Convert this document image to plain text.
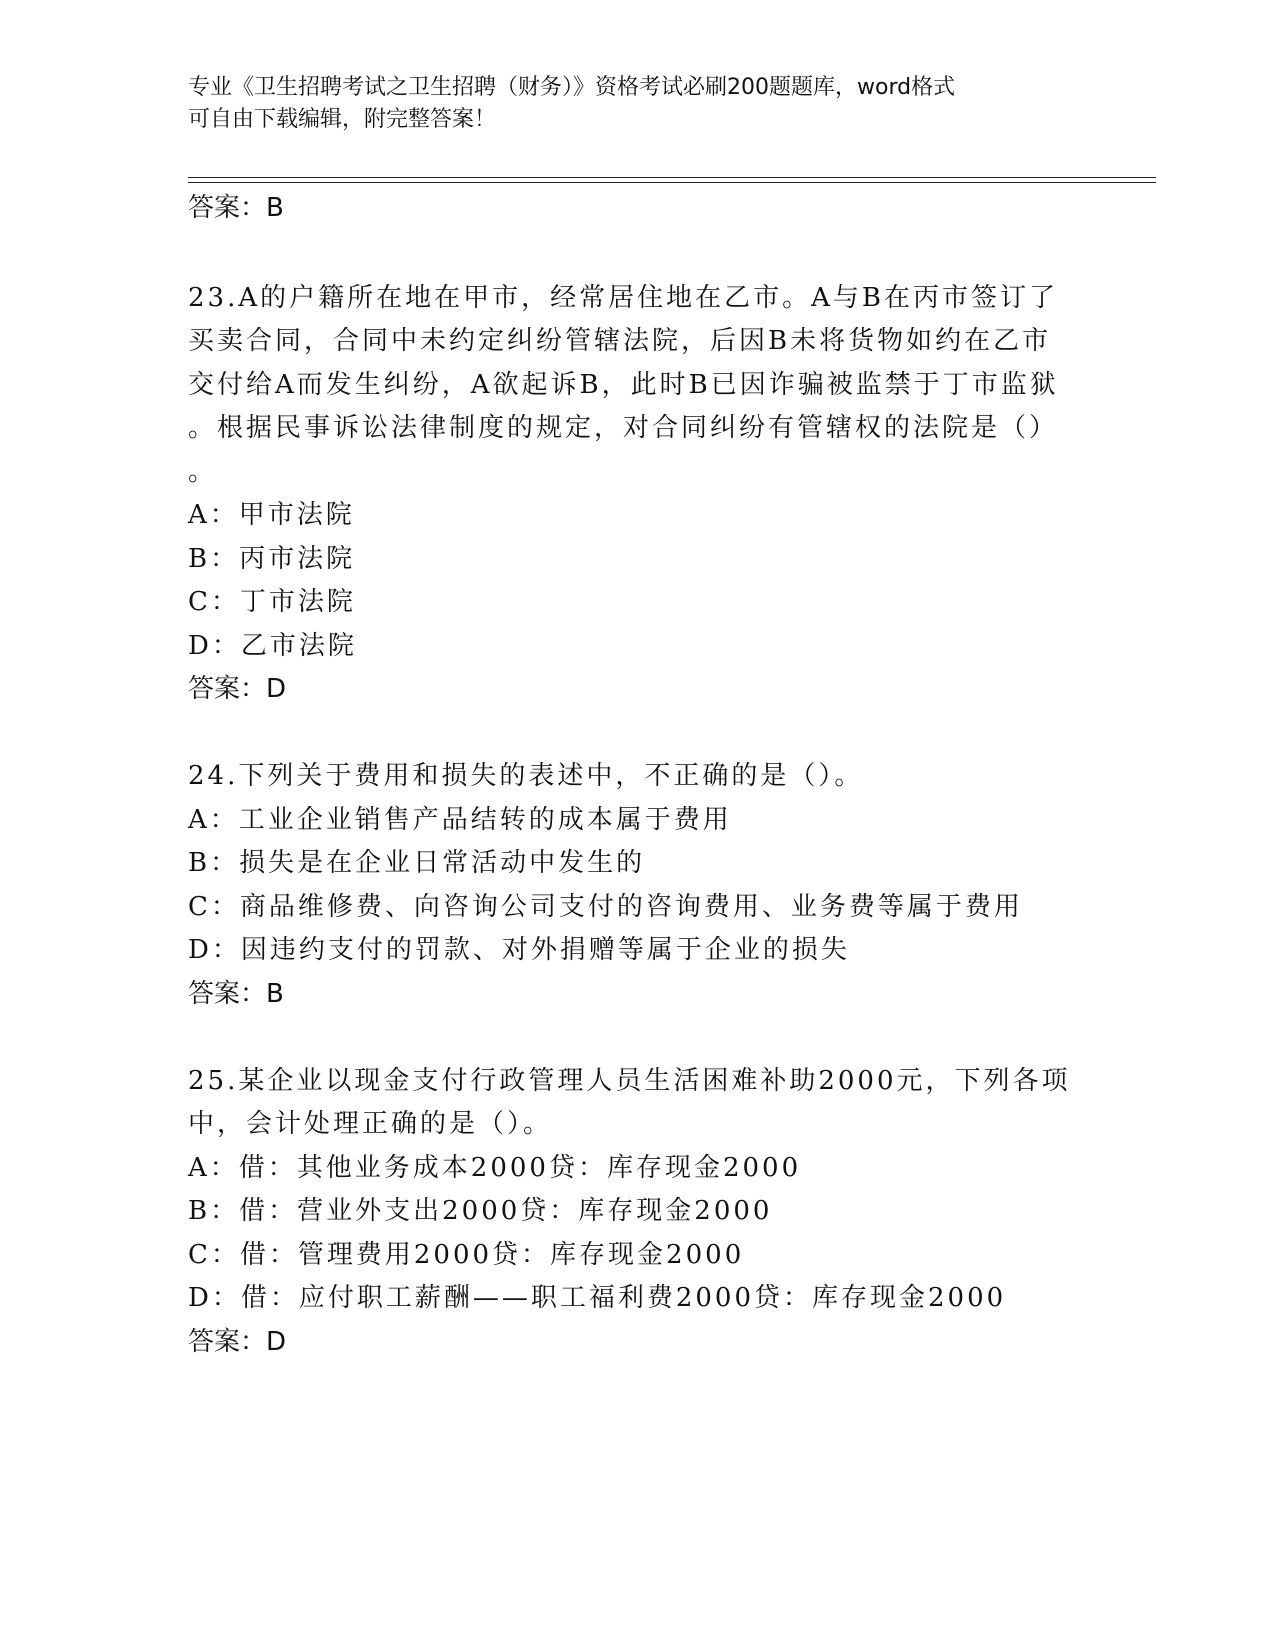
专业《卫生招聘考试之卫生招聘（财务）》资格考试必刷200题题库，word格式
可自由下载编辑，附完整答案！
答案：B
23.A的户籍所在地在甲市，经常居住地在乙市。A与B在丙市签订了
买卖合同，合同中未约定纠纷管辖法院，后因B未将货物如约在乙市
交付给A而发生纠纷，A欲起诉B，此时B已因诈骗被监禁于丁市监狱
。根据民事诉讼法律制度的规定，对合同纠纷有管辖权的法院是（）
。
A：甲市法院
B：丙市法院
C：丁市法院
D：乙市法院
答案：D
24.下列关于费用和损失的表述中，不正确的是（）。
A：工业企业销售产品结转的成本属于费用
B：损失是在企业日常活动中发生的
C：商品维修费、向咨询公司支付的咨询费用、业务费等属于费用
D：因违约支付的罚款、对外捐赠等属于企业的损失
答案：B
25.某企业以现金支付行政管理人员生活困难补助2000元，下列各项
中，会计处理正确的是（）。
A：借：其他业务成本2000贷：库存现金2000
B：借：营业外支出2000贷：库存现金2000
C：借：管理费用2000贷：库存现金2000
D：借：应付职工薪酬——职工福利费2000贷：库存现金2000
答案：D
